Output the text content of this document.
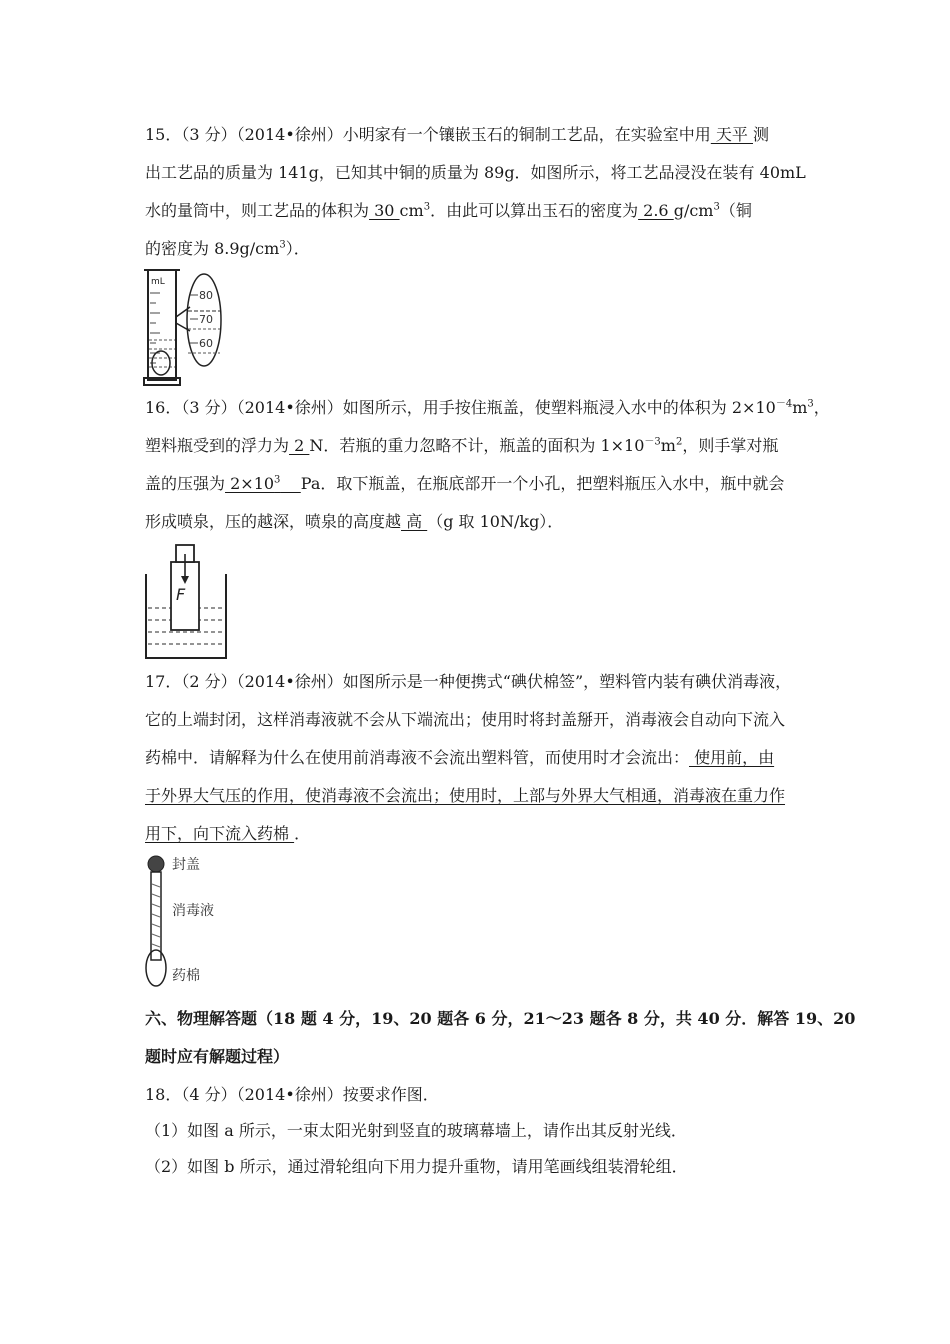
15．（3 分）（2014•徐州）小明家有一个镶嵌玉石的铜制工艺品，在实验室中用 天平 测
出工艺品的质量为 141g，已知其中铜的质量为 89g．如图所示，将工艺品浸没在装有 40mL
水的量筒中，则工艺品的体积为 30 $cm^3$．由此可以算出玉石的密度为 2.6 $g/cm^3$（铜
的密度为 $8.9g/cm^3$）．
mL
80
70
60
16．（3 分）（2014•徐州）如图所示，用手按住瓶盖，使塑料瓶浸入水中的体积为 $2\times 10^{-4}m^3$，
塑料瓶受到的浮力为 2 N．若瓶的重力忽略不计，瓶盖的面积为 $1\times 10^{-3}m^2$，则手掌对瓶
盖的压强为 $2\times 10^3$ Pa．取下瓶盖，在瓶底部开一个小孔，把塑料瓶压入水中，瓶中就会
形成喷泉，压的越深，喷泉的高度越 高 （g 取 10N/kg）．
F
17．（2 分）（2014•徐州）如图所示是一种便携式“碘伏棉签”，塑料管内装有碘伏消毒液，
它的上端封闭，这样消毒液就不会从下端流出；使用时将封盖掰开，消毒液会自动向下流入
药棉中．请解释为什么在使用前消毒液不会流出塑料管，而使用时才会流出： 使用前，由
于外界大气压的作用，使消毒液不会流出；使用时，上部与外界大气相通，消毒液在重力作
用下，向下流入药棉 ．
封盖
消毒液
药棉
六、物理解答题（18 题 4 分，19、20 题各 6 分，21～23 题各 8 分，共 40 分．解答 19、20
题时应有解题过程）
18．（4 分）（2014•徐州）按要求作图．
（1）如图 a 所示，一束太阳光射到竖直的玻璃幕墙上，请作出其反射光线．
（2）如图 b 所示，通过滑轮组向下用力提升重物，请用笔画线组装滑轮组．
